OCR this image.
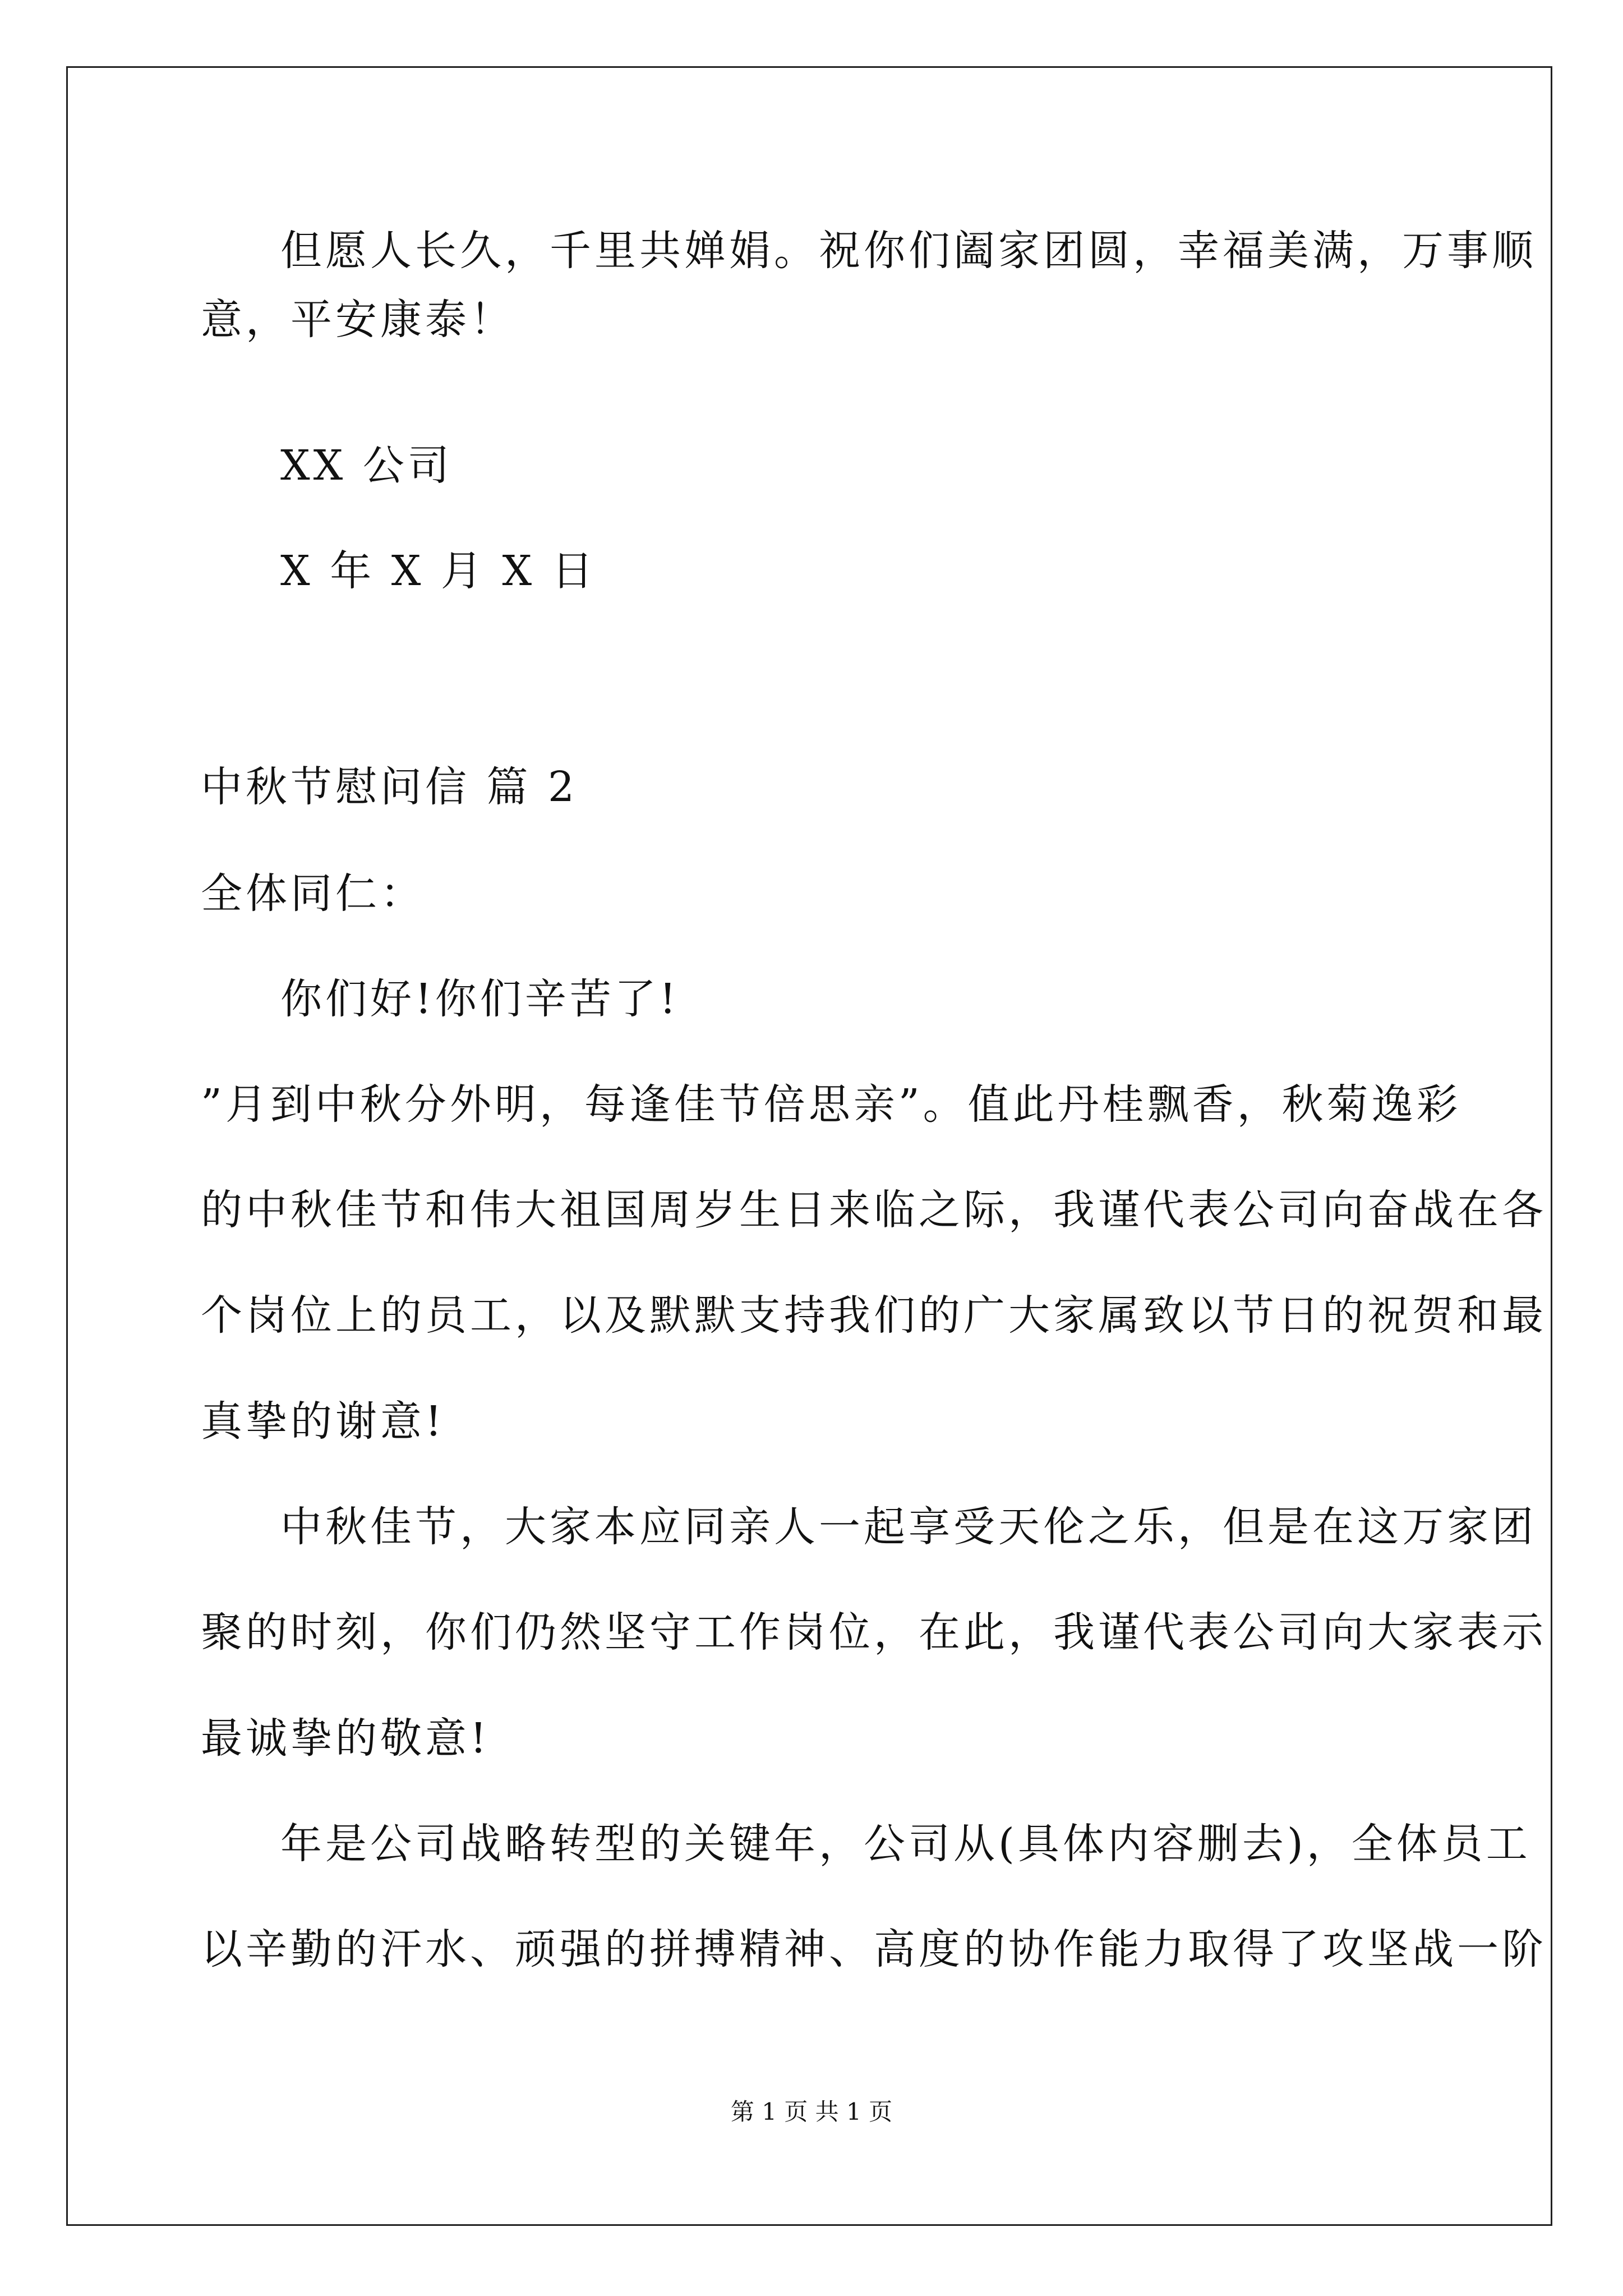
但愿人长久，千里共婵娟。祝你们阖家团圆，幸福美满，万事顺
意，平安康泰！
XX 公司
X 年 X 月 X 日
中秋节慰问信 篇 2
全体同仁：
你们好!你们辛苦了!
”月到中秋分外明，每逢佳节倍思亲”。值此丹桂飘香，秋菊逸彩
的中秋佳节和伟大祖国周岁生日来临之际，我谨代表公司向奋战在各
个岗位上的员工，以及默默支持我们的广大家属致以节日的祝贺和最
真挚的谢意!
中秋佳节，大家本应同亲人一起享受天伦之乐，但是在这万家团
聚的时刻，你们仍然坚守工作岗位，在此，我谨代表公司向大家表示
最诚挚的敬意!
年是公司战略转型的关键年，公司从(具体内容删去)，全体员工
以辛勤的汗水、顽强的拼搏精神、高度的协作能力取得了攻坚战一阶
第 1 页 共 1 页
